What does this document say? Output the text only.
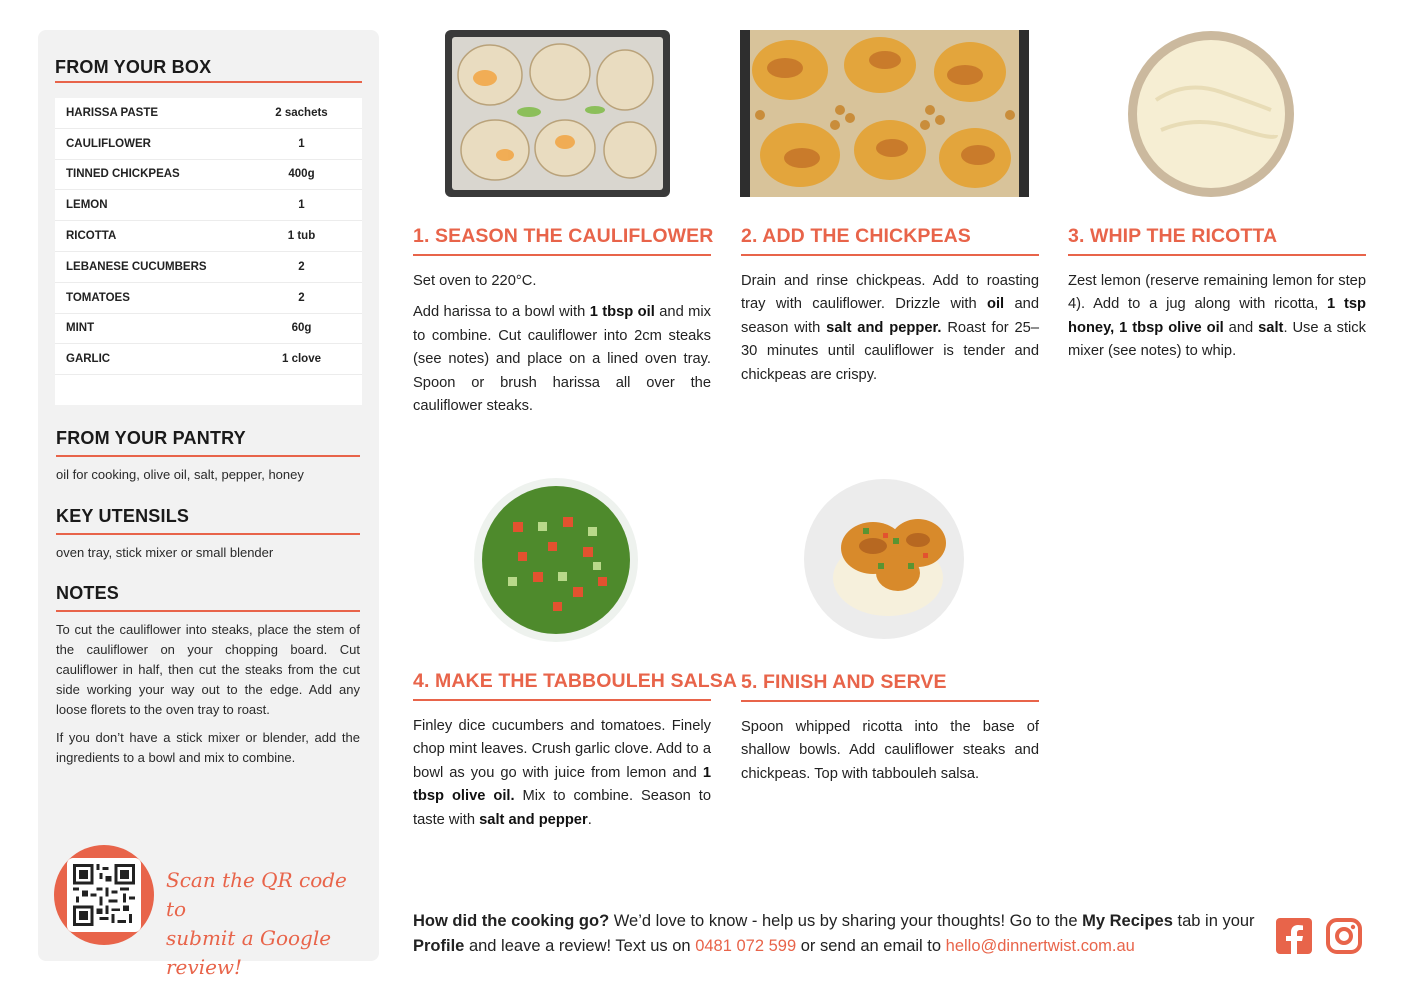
FROM YOUR BOX
HARISSA PASTE	2 sachets
CAULIFLOWER	1
TINNED CHICKPEAS	400g
LEMON	1
RICOTTA	1 tub
LEBANESE CUCUMBERS	2
TOMATOES	2
MINT	60g
GARLIC	1 clove
FROM YOUR PANTRY

oil for cooking, olive oil, salt, pepper, honey

KEY UTENSILS

oven tray, stick mixer or small blender

NOTES

To cut the cauliflower into steaks, place the stem of the cauliflower on your chopping board. Cut cauliflower in half, then cut the steaks from the cut side working your way out to the edge. Add any loose florets to the oven tray to roast.

If you don’t have a stick mixer or blender, add the ingredients to a bowl and mix to combine.

Scan the QR code to
submit a Google review!
1. SEASON THE CAULIFLOWER

Set oven to 220°C.

Add harissa to a bowl with 1 tbsp oil and mix to combine. Cut cauliflower into 2cm steaks (see notes) and place on a lined oven tray. Spoon or brush harissa all over the cauliflower steaks.

2. ADD THE CHICKPEAS

Drain and rinse chickpeas. Add to roasting tray with cauliflower. Drizzle with oil and season with salt and pepper. Roast for 25–30 minutes until cauliflower is tender and chickpeas are crispy.

3. WHIP THE RICOTTA

Zest lemon (reserve remaining lemon for step 4). Add to a jug along with ricotta, 1 tsp honey, 1 tbsp olive oil and salt. Use a stick mixer (see notes) to whip.

4. MAKE THE TABBOULEH SALSA

Finley dice cucumbers and tomatoes. Finely chop mint leaves. Crush garlic clove. Add to a bowl as you go with juice from lemon and 1 tbsp olive oil. Mix to combine. Season to taste with salt and pepper.

5. FINISH AND SERVE

Spoon whipped ricotta into the base of shallow bowls. Add cauliflower steaks and chickpeas. Top with tabbouleh salsa.

How did the cooking go? We’d love to know - help us by sharing your thoughts! Go to the My Recipes tab in your Profile and leave a review! Text us on 0481 072 599 or send an email to hello@dinnertwist.com.au
